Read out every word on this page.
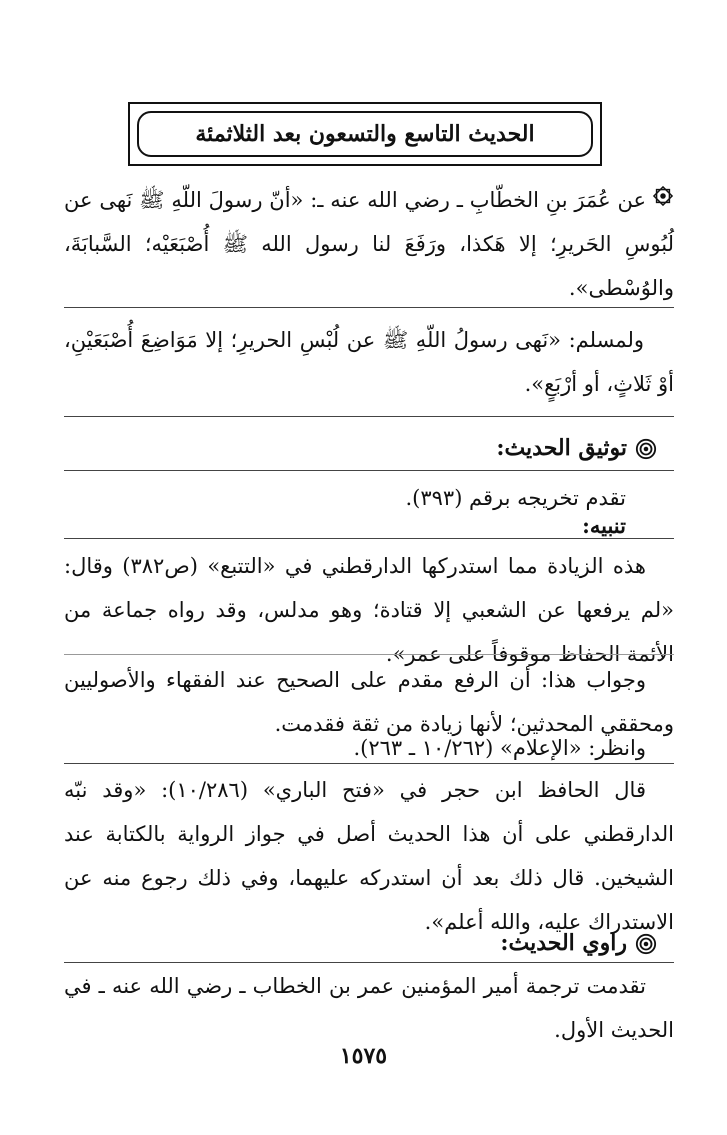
الحديث التاسع والتسعون بعد الثلاثمئة
عن عُمَرَ بنِ الخطّابِ ـ رضي الله عنه ـ: «أنّ رسولَ اللّهِ ﷺ نَهى عن لُبُوسِ الحَريرِ؛ إلا هَكذا، ورَفَعَ لنا رسول الله ﷺ أُصْبَعَيْه؛ السَّبابَةَ، والوُسْطى».
ولمسلم: «نَهى رسولُ اللّهِ ﷺ عن لُبْسِ الحريرِ؛ إلا مَوَاضِعَ أُصْبَعَيْنِ، أوْ ثَلاثٍ، أو أرْبَعٍ».
توثيق الحديث:
تقدم تخريجه برقم (٣٩٣).
تنبيه:
هذه الزيادة مما استدركها الدارقطني في «التتبع» (ص٣٨٢) وقال: «لم يرفعها عن الشعبي إلا قتادة؛ وهو مدلس، وقد رواه جماعة من الأئمة الحفاظ موقوفاً على عمر».
وجواب هذا: أن الرفع مقدم على الصحيح عند الفقهاء والأصوليين ومحققي المحدثين؛ لأنها زيادة من ثقة فقدمت.
وانظر: «الإعلام» (١٠/٢٦٢ ـ ٢٦٣).
قال الحافظ ابن حجر في «فتح الباري» (١٠/٢٨٦): «وقد نبّه الدارقطني على أن هذا الحديث أصل في جواز الرواية بالكتابة عند الشيخين. قال ذلك بعد أن استدركه عليهما، وفي ذلك رجوع منه عن الاستدراك عليه، والله أعلم».
راوي الحديث:
تقدمت ترجمة أمير المؤمنين عمر بن الخطاب ـ رضي الله عنه ـ في الحديث الأول.
١٥٧٥
